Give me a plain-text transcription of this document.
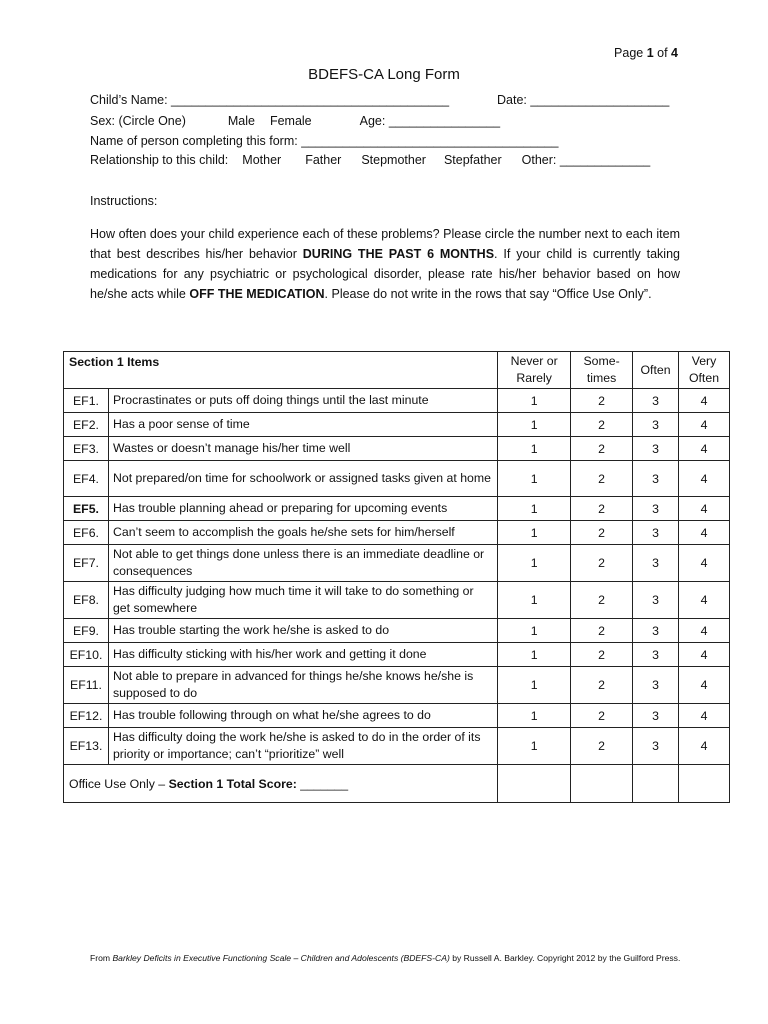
Page 1 of 4
BDEFS-CA Long Form
Child’s Name: ________________________________________	Date: ____________________
Sex: (Circle One)	Male Female	Age: ________________
Name of person completing this form: _____________________________________
Relationship to this child: Mother Father Stepmother Stepfather Other: _____________
Instructions:
How often does your child experience each of these problems? Please circle the number next to each item that best describes his/her behavior DURING THE PAST 6 MONTHS. If your child is currently taking medications for any psychiatric or psychological disorder, please rate his/her behavior based on how he/she acts while OFF THE MEDICATION. Please do not write in the rows that say “Office Use Only”.
Section 1 Items		Never or Rarely	Some-times	Often	Very Often
EF1.	Procrastinates or puts off doing things until the last minute	1	2	3	4
EF2.	Has a poor sense of time	1	2	3	4
EF3.	Wastes or doesn’t manage his/her time well	1	2	3	4
EF4.	Not prepared/on time for schoolwork or assigned tasks given at home	1	2	3	4
EF5.	Has trouble planning ahead or preparing for upcoming events	1	2	3	4
EF6.	Can’t seem to accomplish the goals he/she sets for him/herself	1	2	3	4
EF7.	Not able to get things done unless there is an immediate deadline or consequences	1	2	3	4
EF8.	Has difficulty judging how much time it will take to do something or get somewhere	1	2	3	4
EF9.	Has trouble starting the work he/she is asked to do	1	2	3	4
EF10.	Has difficulty sticking with his/her work and getting it done	1	2	3	4
EF11.	Not able to prepare in advanced for things he/she knows he/she is supposed to do	1	2	3	4
EF12.	Has trouble following through on what he/she agrees to do	1	2	3	4
EF13.	Has difficulty doing the work he/she is asked to do in the order of its priority or importance; can’t “prioritize” well	1	2	3	4
Office Use Only – Section 1 Total Score: _______					
From Barkley Deficits in Executive Functioning Scale – Children and Adolescents (BDEFS-CA) by Russell A. Barkley. Copyright 2012 by the Guilford Press.
